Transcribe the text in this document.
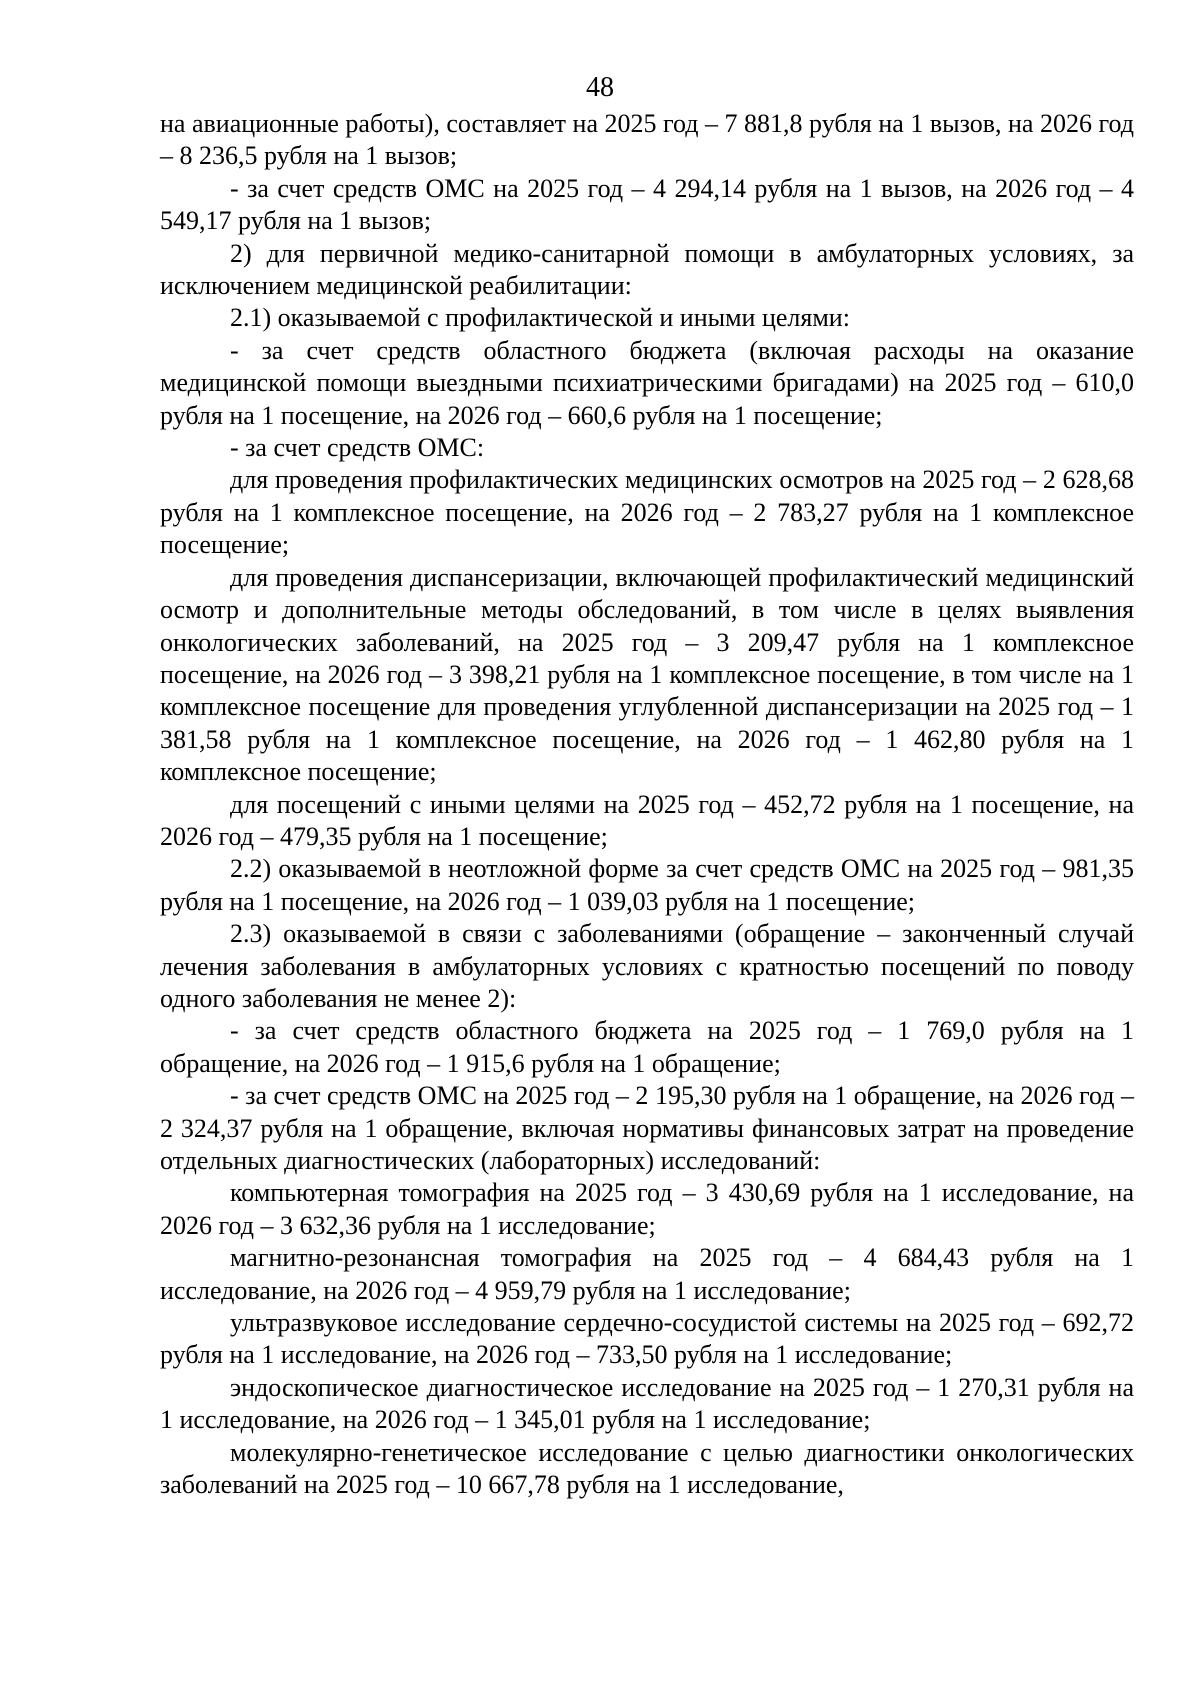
48

на авиационные работы), составляет на 2025 год – 7 881,8 рубля на 1 вызов, на 2026 год – 8 236,5 рубля на 1 вызов;

- за счет средств ОМС на 2025 год – 4 294,14 рубля на 1 вызов, на 2026 год – 4 549,17 рубля на 1 вызов;

2) для первичной медико-санитарной помощи в амбулаторных условиях, за исключением медицинской реабилитации:

2.1) оказываемой с профилактической и иными целями:

- за счет средств областного бюджета (включая расходы на оказание медицинской помощи выездными психиатрическими бригадами) на 2025 год – 610,0 рубля на 1 посещение, на 2026 год – 660,6 рубля на 1 посещение;

- за счет средств ОМС:

для проведения профилактических медицинских осмотров на 2025 год – 2 628,68 рубля на 1 комплексное посещение, на 2026 год – 2 783,27 рубля на 1 комплексное посещение;

для проведения диспансеризации, включающей профилактический медицинский осмотр и дополнительные методы обследований, в том числе в целях выявления онкологических заболеваний, на 2025 год – 3 209,47 рубля на 1 комплексное посещение, на 2026 год – 3 398,21 рубля на 1 комплексное посещение, в том числе на 1 комплексное посещение для проведения углубленной диспансеризации на 2025 год – 1 381,58 рубля на 1 комплексное посещение, на 2026 год – 1 462,80 рубля на 1 комплексное посещение;

для посещений с иными целями на 2025 год – 452,72 рубля на 1 посещение, на 2026 год – 479,35 рубля на 1 посещение;

2.2) оказываемой в неотложной форме за счет средств ОМС на 2025 год – 981,35 рубля на 1 посещение, на 2026 год – 1 039,03 рубля на 1 посещение;

2.3) оказываемой в связи с заболеваниями (обращение – законченный случай лечения заболевания в амбулаторных условиях с кратностью посещений по поводу одного заболевания не менее 2):

- за счет средств областного бюджета на 2025 год – 1 769,0 рубля на 1 обращение, на 2026 год – 1 915,6 рубля на 1 обращение;

- за счет средств ОМС на 2025 год – 2 195,30 рубля на 1 обращение, на 2026 год – 2 324,37 рубля на 1 обращение, включая нормативы финансовых затрат на проведение отдельных диагностических (лабораторных) исследований:

компьютерная томография на 2025 год – 3 430,69 рубля на 1 исследование, на 2026 год – 3 632,36 рубля на 1 исследование;

магнитно-резонансная томография на 2025 год – 4 684,43 рубля на 1 исследование, на 2026 год – 4 959,79 рубля на 1 исследование;

ультразвуковое исследование сердечно-сосудистой системы на 2025 год – 692,72 рубля на 1 исследование, на 2026 год – 733,50 рубля на 1 исследование;

эндоскопическое диагностическое исследование на 2025 год – 1 270,31 рубля на 1 исследование, на 2026 год – 1 345,01 рубля на 1 исследование;

молекулярно-генетическое исследование с целью диагностики онкологических заболеваний на 2025 год – 10 667,78 рубля на 1 исследование,
